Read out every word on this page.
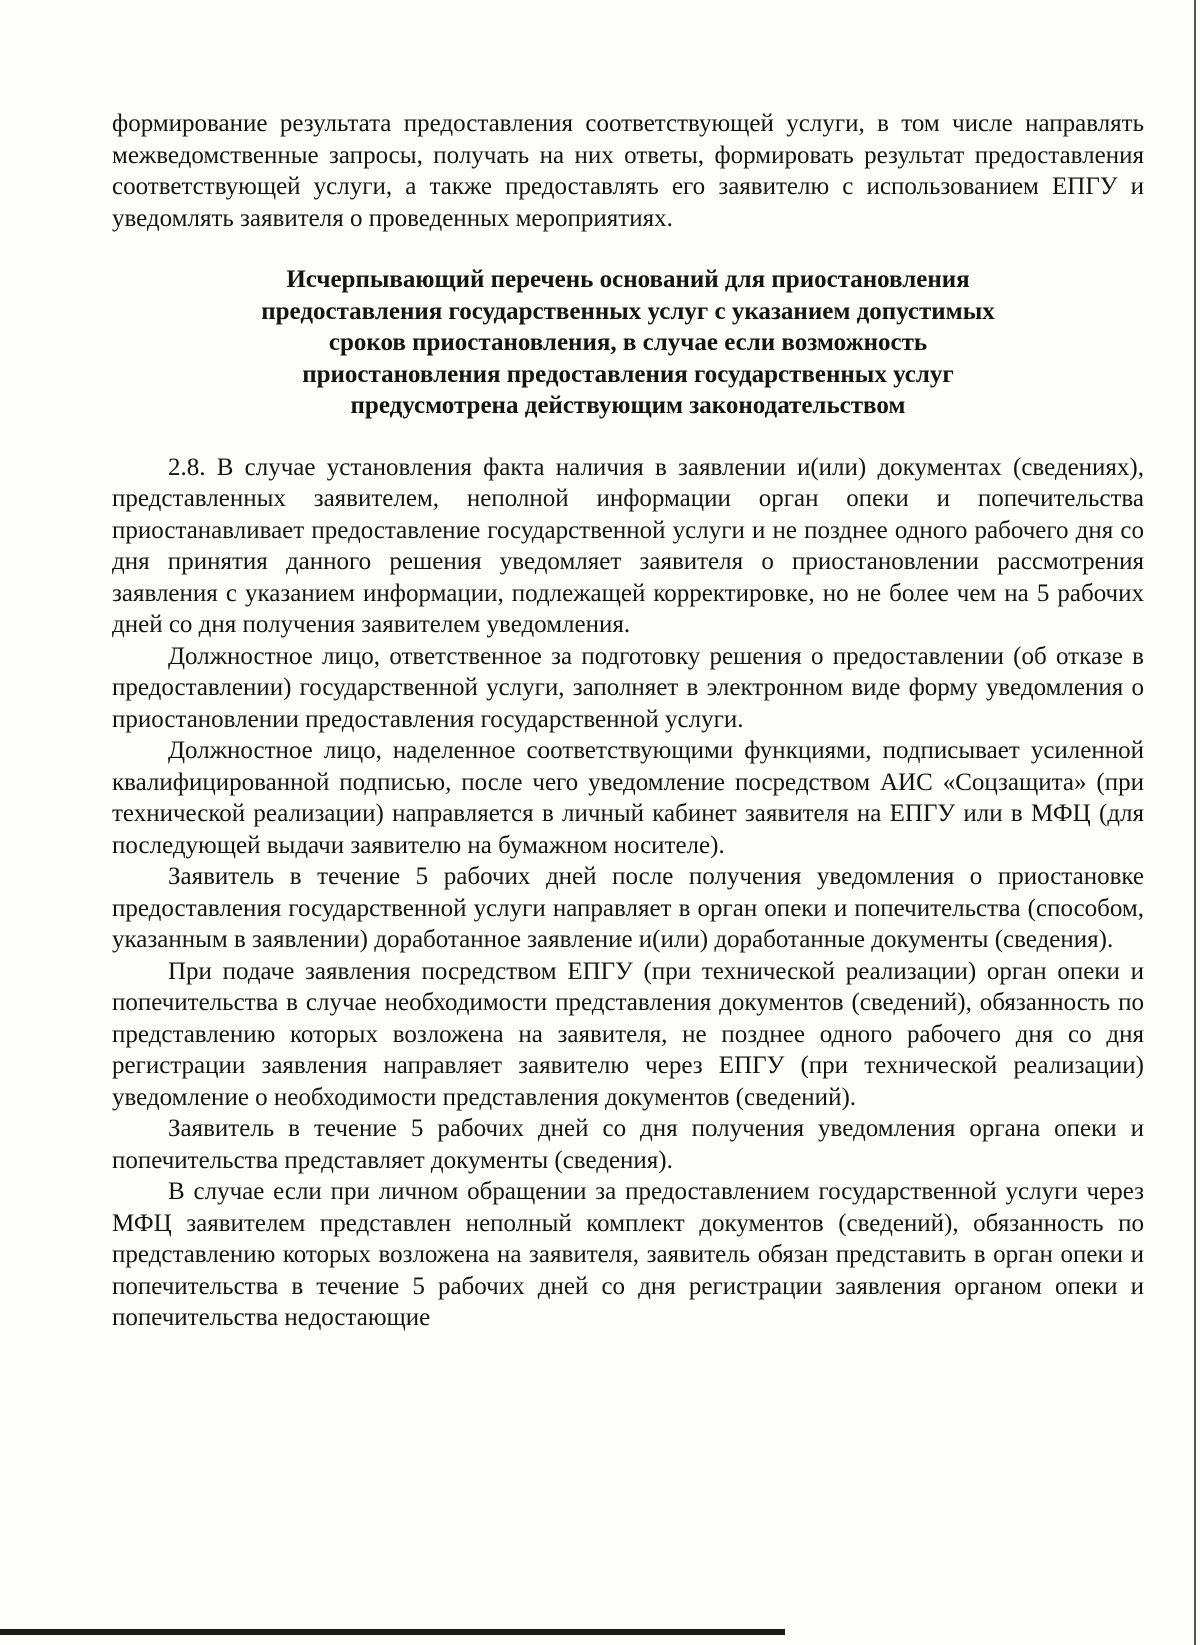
формирование результата предоставления соответствующей услуги, в том числе направлять межведомственные запросы, получать на них ответы, формировать результат предоставления соответствующей услуги, а также предоставлять его заявителю с использованием ЕПГУ и уведомлять заявителя о проведенных мероприятиях.

Исчерпывающий перечень оснований для приостановления
предоставления государственных услуг с указанием допустимых
сроков приостановления, в случае если возможность
приостановления предоставления государственных услуг
предусмотрена действующим законодательством

2.8. В случае установления факта наличия в заявлении и(или) документах (сведениях), представленных заявителем, неполной информации орган опеки и попечительства приостанавливает предоставление государственной услуги и не позднее одного рабочего дня со дня принятия данного решения уведомляет заявителя о приостановлении рассмотрения заявления с указанием информации, подлежащей корректировке, но не более чем на 5 рабочих дней со дня получения заявителем уведомления.

Должностное лицо, ответственное за подготовку решения о предоставлении (об отказе в предоставлении) государственной услуги, заполняет в электронном виде форму уведомления о приостановлении предоставления государственной услуги.

Должностное лицо, наделенное соответствующими функциями, подписывает усиленной квалифицированной подписью, после чего уведомление посредством АИС «Соцзащита» (при технической реализации) направляется в личный кабинет заявителя на ЕПГУ или в МФЦ (для последующей выдачи заявителю на бумажном носителе).

Заявитель в течение 5 рабочих дней после получения уведомления о приостановке предоставления государственной услуги направляет в орган опеки и попечительства (способом, указанным в заявлении) доработанное заявление и(или) доработанные документы (сведения).

При подаче заявления посредством ЕПГУ (при технической реализации) орган опеки и попечительства в случае необходимости представления документов (сведений), обязанность по представлению которых возложена на заявителя, не позднее одного рабочего дня со дня регистрации заявления направляет заявителю через ЕПГУ (при технической реализации) уведомление о необходимости представления документов (сведений).

Заявитель в течение 5 рабочих дней со дня получения уведомления органа опеки и попечительства представляет документы (сведения).

В случае если при личном обращении за предоставлением государственной услуги через МФЦ заявителем представлен неполный комплект документов (сведений), обязанность по представлению которых возложена на заявителя, заявитель обязан представить в орган опеки и попечительства в течение 5 рабочих дней со дня регистрации заявления органом опеки и попечительства недостающие
